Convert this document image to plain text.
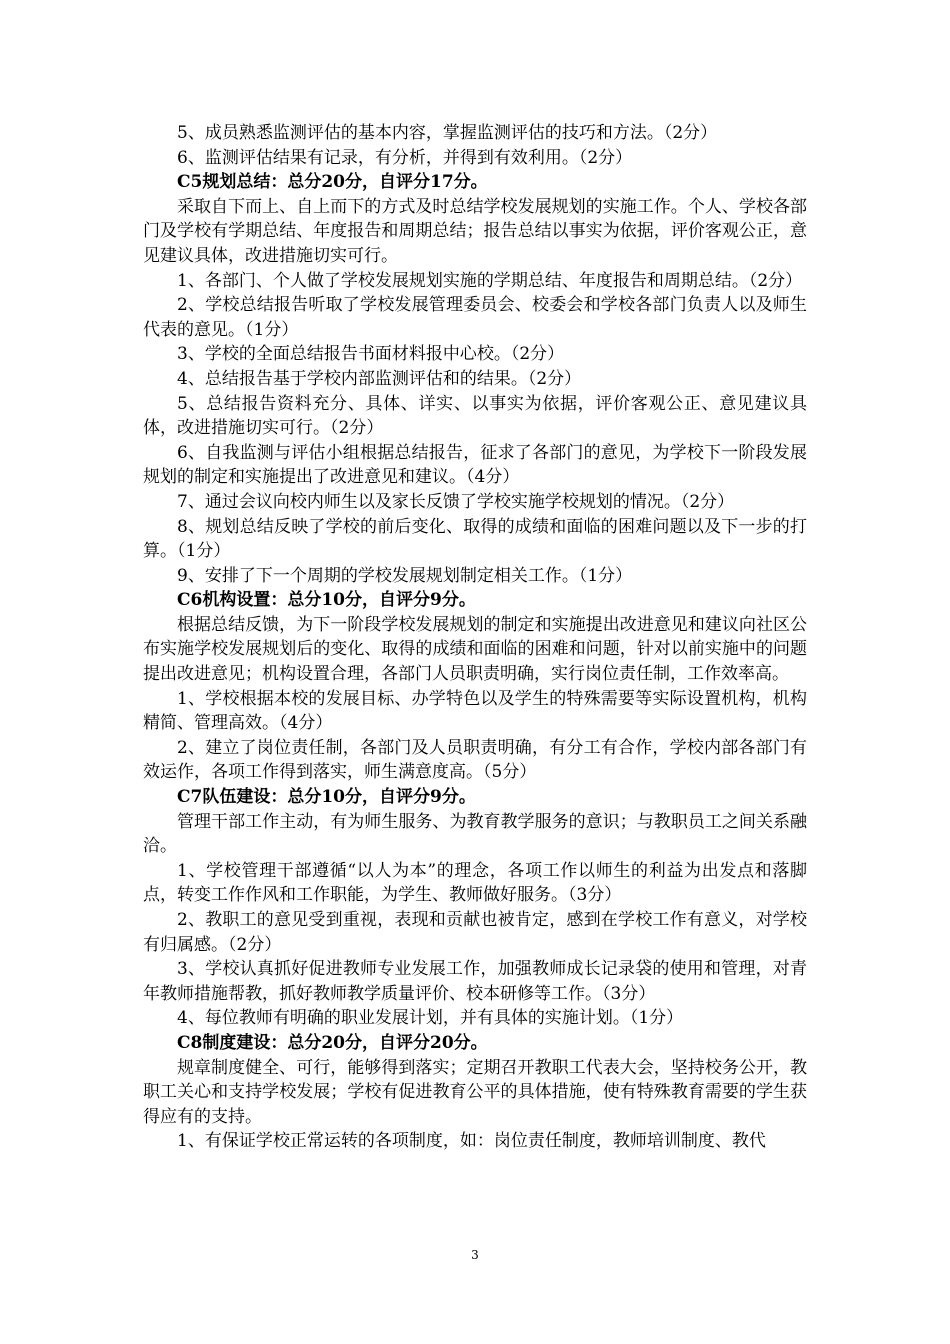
5、成员熟悉监测评估的基本内容，掌握监测评估的技巧和方法。（2分）

6、监测评估结果有记录，有分析，并得到有效利用。（2分）

C5规划总结：总分20分，自评分17分。

采取自下而上、自上而下的方式及时总结学校发展规划的实施工作。个人、学校各部门及学校有学期总结、年度报告和周期总结；报告总结以事实为依据，评价客观公正，意见建议具体，改进措施切实可行。

1、各部门、个人做了学校发展规划实施的学期总结、年度报告和周期总结。（2分）

2、学校总结报告听取了学校发展管理委员会、校委会和学校各部门负责人以及师生代表的意见。（1分）

3、学校的全面总结报告书面材料报中心校。（2分）

4、总结报告基于学校内部监测评估和的结果。（2分）

5、总结报告资料充分、具体、详实、以事实为依据，评价客观公正、意见建议具体，改进措施切实可行。（2分）

6、自我监测与评估小组根据总结报告，征求了各部门的意见，为学校下一阶段发展规划的制定和实施提出了改进意见和建议。（4分）

7、通过会议向校内师生以及家长反馈了学校实施学校规划的情况。（2分）

8、规划总结反映了学校的前后变化、取得的成绩和面临的困难问题以及下一步的打算。（1分）

9、安排了下一个周期的学校发展规划制定相关工作。（1分）

C6机构设置：总分10分，自评分9分。

根据总结反馈，为下一阶段学校发展规划的制定和实施提出改进意见和建议向社区公布实施学校发展规划后的变化、取得的成绩和面临的困难和问题，针对以前实施中的问题提出改进意见；机构设置合理，各部门人员职责明确，实行岗位责任制，工作效率高。

1、学校根据本校的发展目标、办学特色以及学生的特殊需要等实际设置机构，机构精简、管理高效。（4分）

2、建立了岗位责任制，各部门及人员职责明确，有分工有合作，学校内部各部门有效运作，各项工作得到落实，师生满意度高。（5分）

C7队伍建设：总分10分，自评分9分。

管理干部工作主动，有为师生服务、为教育教学服务的意识；与教职员工之间关系融洽。

1、学校管理干部遵循“以人为本”的理念，各项工作以师生的利益为出发点和落脚点，转变工作作风和工作职能，为学生、教师做好服务。（3分）

2、教职工的意见受到重视，表现和贡献也被肯定，感到在学校工作有意义，对学校有归属感。（2分）

3、学校认真抓好促进教师专业发展工作，加强教师成长记录袋的使用和管理，对青年教师措施帮教，抓好教师教学质量评价、校本研修等工作。（3分）

4、每位教师有明确的职业发展计划，并有具体的实施计划。（1分）

C8制度建设：总分20分，自评分20分。

规章制度健全、可行，能够得到落实；定期召开教职工代表大会，坚持校务公开，教职工关心和支持学校发展；学校有促进教育公平的具体措施，使有特殊教育需要的学生获得应有的支持。

1、有保证学校正常运转的各项制度，如：岗位责任制度，教师培训制度、教代

3
